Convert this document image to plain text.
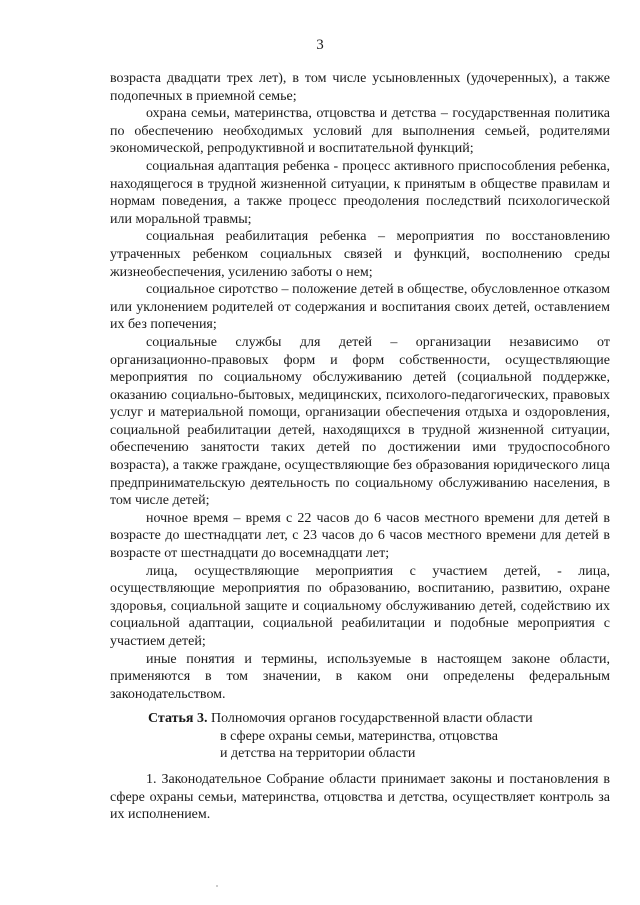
3

возраста двадцати трех лет), в том числе усыновленных (удочеренных), а также подопечных в приемной семье;

охрана семьи, материнства, отцовства и детства – государственная политика по обеспечению необходимых условий для выполнения семьей, родителями экономической, репродуктивной и воспитательной функций;

социальная адаптация ребенка - процесс активного приспособления ребенка, находящегося в трудной жизненной ситуации, к принятым в обществе правилам и нормам поведения, а также процесс преодоления последствий психологической или моральной травмы;

социальная реабилитация ребенка – мероприятия по восстановлению утраченных ребенком социальных связей и функций, восполнению среды жизнеобеспечения, усилению заботы о нем;

социальное сиротство – положение детей в обществе, обусловленное отказом или уклонением родителей от содержания и воспитания своих детей, оставлением их без попечения;

социальные службы для детей – организации независимо от организационно-правовых форм и форм собственности, осуществляющие мероприятия по социальному обслуживанию детей (социальной поддержке, оказанию социально-бытовых, медицинских, психолого-педагогических, правовых услуг и материальной помощи, организации обеспечения отдыха и оздоровления, социальной реабилитации детей, находящихся в трудной жизненной ситуации, обеспечению занятости таких детей по достижении ими трудоспособного возраста), а также граждане, осуществляющие без образования юридического лица предпринимательскую деятельность по социальному обслуживанию населения, в том числе детей;

ночное время – время с 22 часов до 6 часов местного времени для детей в возрасте до шестнадцати лет, с 23 часов до 6 часов местного времени для детей в возрасте от шестнадцати до восемнадцати лет;

лица, осуществляющие мероприятия с участием детей, - лица, осуществляющие мероприятия по образованию, воспитанию, развитию, охране здоровья, социальной защите и социальному обслуживанию детей, содействию их социальной адаптации, социальной реабилитации и подобные мероприятия с участием детей;

иные понятия и термины, используемые в настоящем законе области, применяются в том значении, в каком они определены федеральным законодательством.

Статья 3. Полномочия органов государственной власти области

в сфере охраны семьи, материнства, отцовства

и детства на территории области

1. Законодательное Собрание области принимает законы и постановления в сфере охраны семьи, материнства, отцовства и детства, осуществляет контроль за их исполнением.
